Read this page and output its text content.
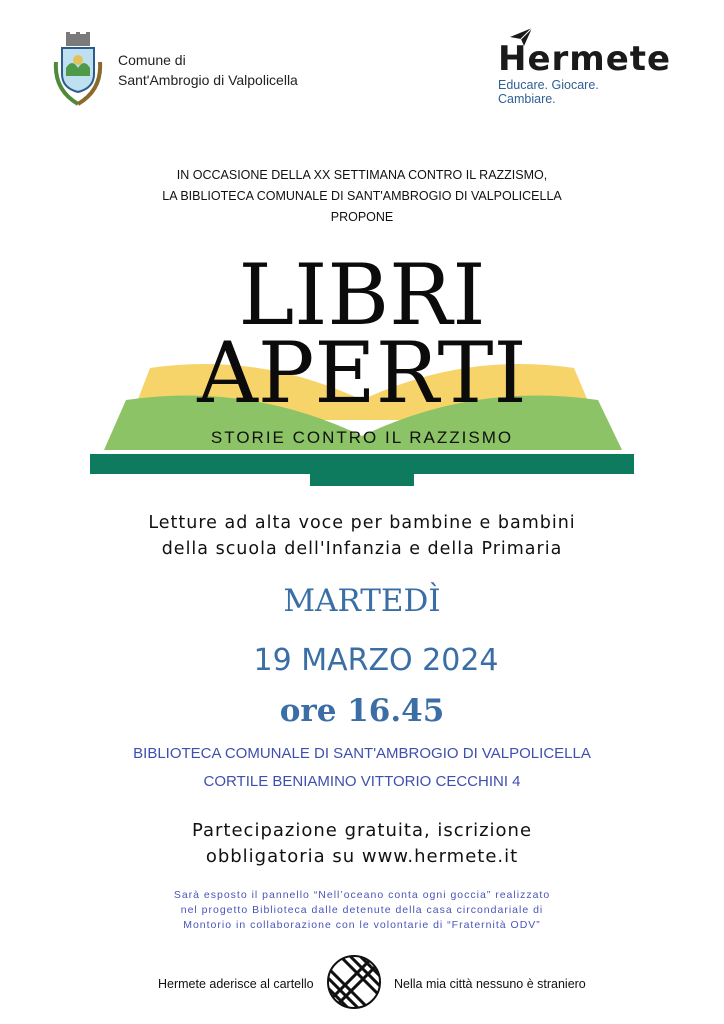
Comune di
Sant'Ambrogio di Valpolicella
Hermete
Educare. Giocare. Cambiare.
IN OCCASIONE DELLA XX SETTIMANA CONTRO IL RAZZISMO,
LA BIBLIOTECA COMUNALE DI SANT'AMBROGIO DI VALPOLICELLA
PROPONE
LIBRI
APERTI
STORIE CONTRO IL RAZZISMO
Letture ad alta voce per bambine e bambini
della scuola dell'Infanzia e della Primaria
MARTEDÌ
19 MARZO 2024
ore 16.45
BIBLIOTECA COMUNALE DI SANT'AMBROGIO DI VALPOLICELLA
CORTILE BENIAMINO VITTORIO CECCHINI 4
Partecipazione gratuita, iscrizione
obbligatoria su www.hermete.it
Sarà esposto il pannello “Nell’oceano conta ogni goccia” realizzato
nel progetto Biblioteca dalle detenute della casa circondariale di
Montorio in collaborazione con le volontarie di “Fraternità ODV”
Hermete aderisce al cartello	Nella mia città nessuno è straniero
